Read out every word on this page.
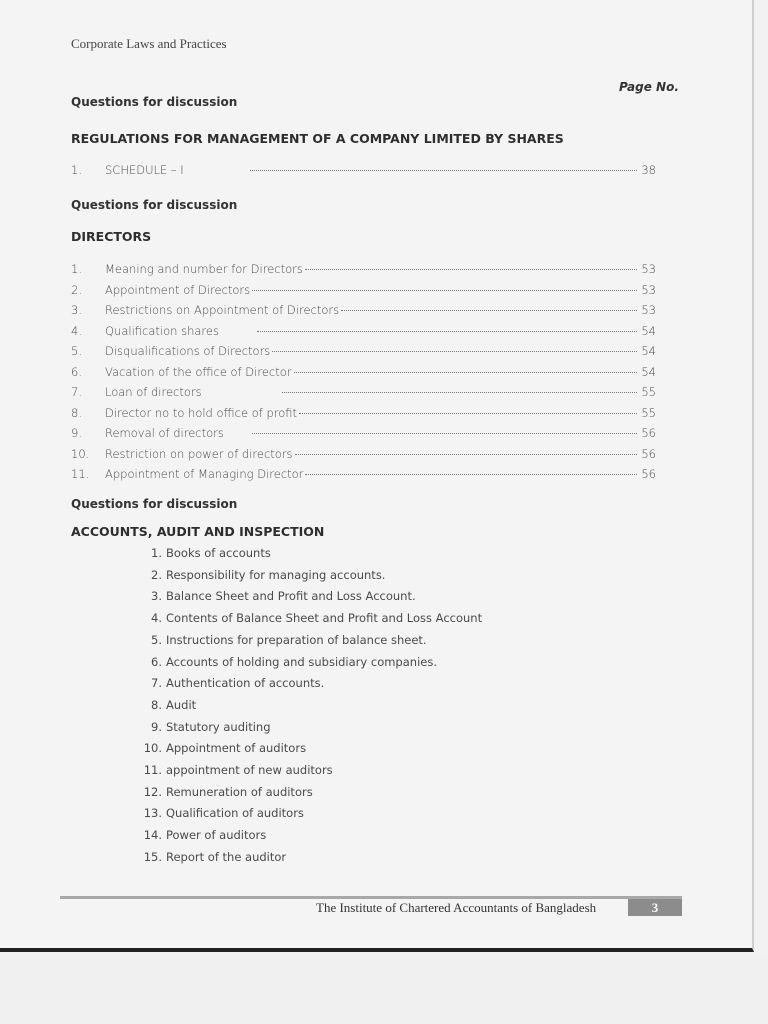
Corporate Laws and Practices
Page No.
Questions for discussion
REGULATIONS FOR MANAGEMENT OF A COMPANY LIMITED BY SHARES
1.	SCHEDULE – I	38
Questions for discussion
DIRECTORS
1.	Meaning and number for Directors	53
2.	Appointment of Directors	53
3.	Restrictions on Appointment of Directors	53
4.	Qualification shares	54
5.	Disqualifications of Directors	54
6.	Vacation of the office of Director	54
7.	Loan of directors	55
8.	Director no to hold office of profit	55
9.	Removal of directors	56
10.	Restriction on power of directors	56
11.	Appointment of Managing Director	56
Questions for discussion
ACCOUNTS, AUDIT AND INSPECTION
1. Books of accounts
2. Responsibility for managing accounts.
3. Balance Sheet and Profit and Loss Account.
4. Contents of Balance Sheet and Profit and Loss Account
5. Instructions for preparation of balance sheet.
6. Accounts of holding and subsidiary companies.
7. Authentication of accounts.
8. Audit
9. Statutory auditing
10. Appointment of auditors
11. appointment of new auditors
12. Remuneration of auditors
13. Qualification of auditors
14. Power of auditors
15. Report of the auditor
The Institute of Chartered Accountants of Bangladesh	3
